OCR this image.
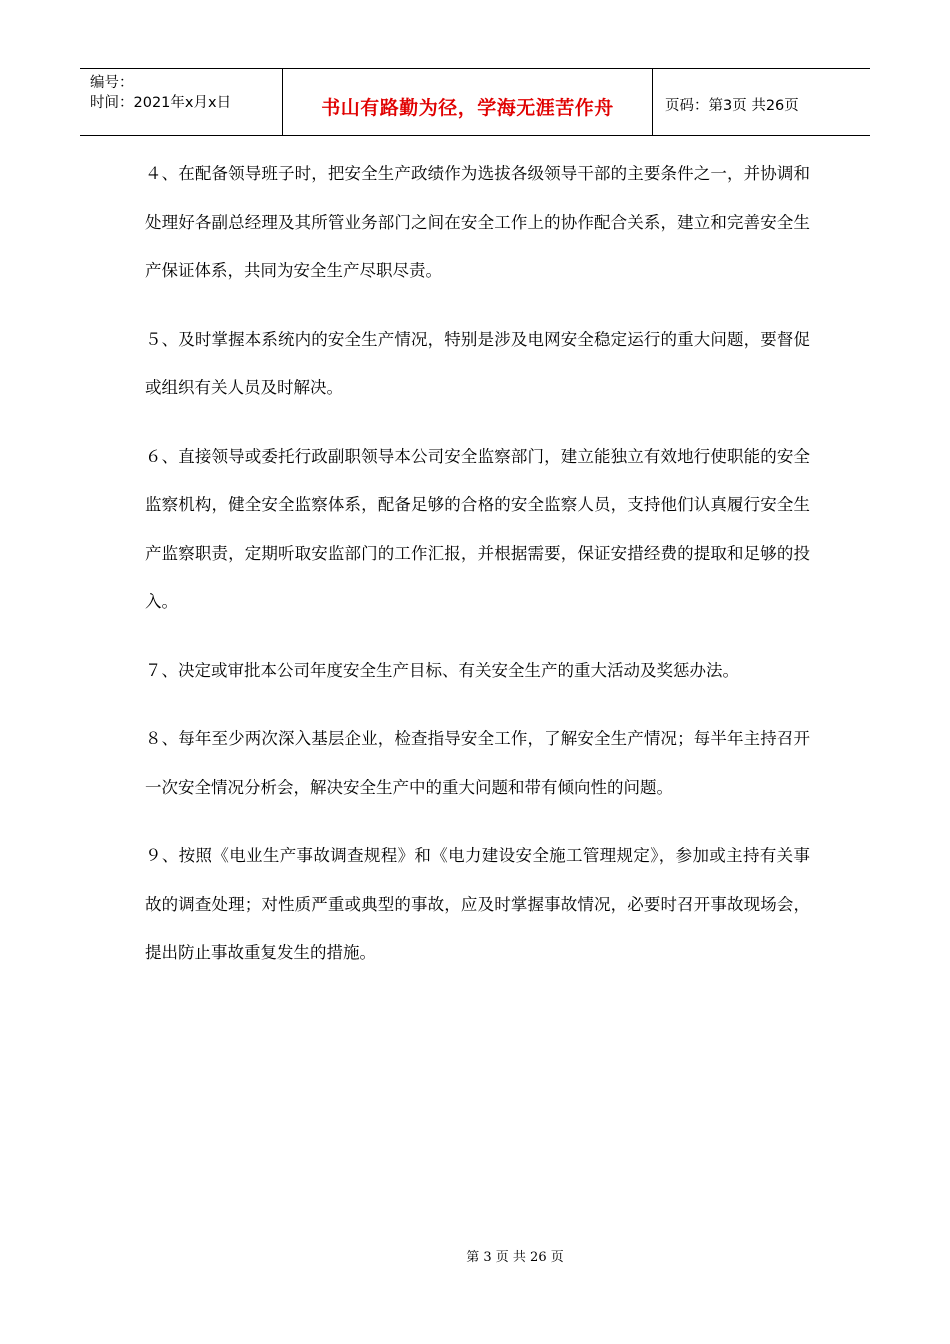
编号：
时间：2021年x月x日	书山有路勤为径，学海无涯苦作舟	页码：第3页 共26页

４、在配备领导班子时，把安全生产政绩作为选拔各级领导干部的主要条件之一，并协调和处理好各副总经理及其所管业务部门之间在安全工作上的协作配合关系，建立和完善安全生产保证体系，共同为安全生产尽职尽责。

５、及时掌握本系统内的安全生产情况，特别是涉及电网安全稳定运行的重大问题，要督促或组织有关人员及时解决。

６、直接领导或委托行政副职领导本公司安全监察部门，建立能独立有效地行使职能的安全监察机构，健全安全监察体系，配备足够的合格的安全监察人员，支持他们认真履行安全生产监察职责，定期听取安监部门的工作汇报，并根据需要，保证安措经费的提取和足够的投入。

７、决定或审批本公司年度安全生产目标、有关安全生产的重大活动及奖惩办法。

８、每年至少两次深入基层企业，检查指导安全工作，了解安全生产情况；每半年主持召开一次安全情况分析会，解决安全生产中的重大问题和带有倾向性的问题。

９、按照《电业生产事故调查规程》和《电力建设安全施工管理规定》，参加或主持有关事故的调查处理；对性质严重或典型的事故，应及时掌握事故情况，必要时召开事故现场会，提出防止事故重复发生的措施。

第 3 页 共 26 页
